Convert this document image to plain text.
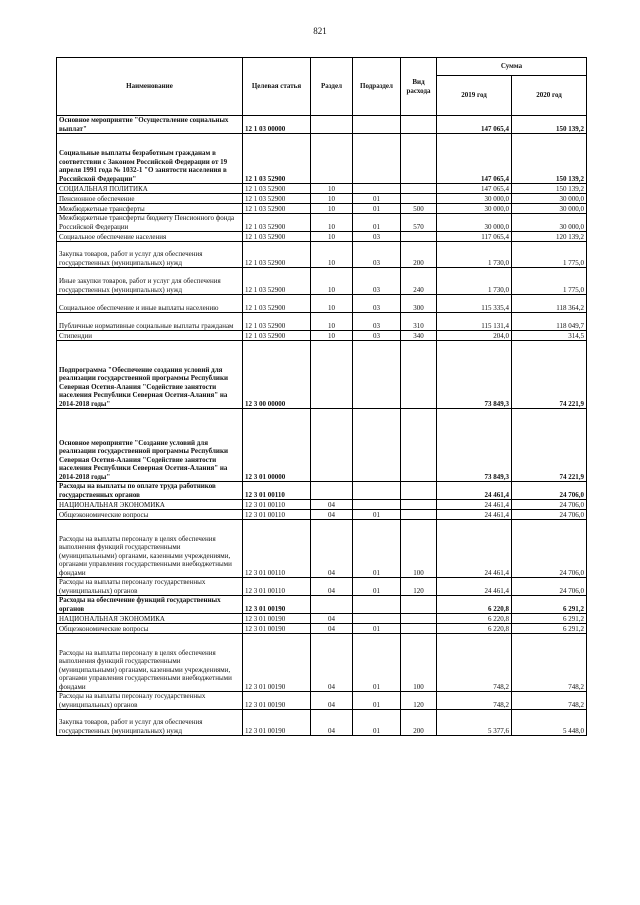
821
Наименование	Целевая статья	Раздел	Подраздел	Вид расхода	Сумма	
					2019 год	2020 год
Основное мероприятие "Осуществление социальных выплат"	12 1 03 00000				147 065,4	150 139,2
Социальные выплаты безработным гражданам в соответствии с Законом Российской Федерации от 19 апреля 1991 года № 1032-1 "О занятости населения в Российской Федерации"	12 1 03 52900				147 065,4	150 139,2
СОЦИАЛЬНАЯ ПОЛИТИКА	12 1 03 52900	10			147 065,4	150 139,2
Пенсионное обеспечение	12 1 03 52900	10	01		30 000,0	30 000,0
Межбюджетные трансферты	12 1 03 52900	10	01	500	30 000,0	30 000,0
Межбюджетные трансферты бюджету Пенсионного фонда Российской Федерации	12 1 03 52900	10	01	570	30 000,0	30 000,0
Социальное обеспечение населения	12 1 03 52900	10	03		117 065,4	120 139,2
Закупка товаров, работ и услуг для обеспечения государственных (муниципальных) нужд	12 1 03 52900	10	03	200	1 730,0	1 775,0
Иные закупки товаров, работ и услуг для обеспечения государственных (муниципальных) нужд	12 1 03 52900	10	03	240	1 730,0	1 775,0
Социальное обеспечение и иные выплаты населению	12 1 03 52900	10	03	300	115 335,4	118 364,2
Публичные нормативные социальные выплаты гражданам	12 1 03 52900	10	03	310	115 131,4	118 049,7
Стипендии	12 1 03 52900	10	03	340	204,0	314,5
Подпрограмма "Обеспечение создания условий для реализации государственной программы Республики Северная Осетия-Алания "Содействие занятости населения Республики Северная Осетия-Алания" на 2014-2018 годы"	12 3 00 00000				73 849,3	74 221,9
Основное мероприятие "Создание условий для реализации государственной программы Республики Северная Осетия-Алания "Содействие занятости населения Республики Северная Осетия-Алания" на 2014-2018 годы"	12 3 01 00000				73 849,3	74 221,9
Расходы на выплаты по оплате труда работников государственных органов	12 3 01 00110				24 461,4	24 706,0
НАЦИОНАЛЬНАЯ ЭКОНОМИКА	12 3 01 00110	04			24 461,4	24 706,0
Общеэкономические вопросы	12 3 01 00110	04	01		24 461,4	24 706,0
Расходы на выплаты персоналу в целях обеспечения выполнения функций государственными (муниципальными) органами, казенными учреждениями, органами управления государственными внебюджетными фондами	12 3 01 00110	04	01	100	24 461,4	24 706,0
Расходы на выплаты персоналу государственных (муниципальных) органов	12 3 01 00110	04	01	120	24 461,4	24 706,0
Расходы на обеспечение функций государственных органов	12 3 01 00190				6 220,8	6 291,2
НАЦИОНАЛЬНАЯ ЭКОНОМИКА	12 3 01 00190	04			6 220,8	6 291,2
Общеэкономические вопросы	12 3 01 00190	04	01		6 220,8	6 291,2
Расходы на выплаты персоналу в целях обеспечения выполнения функций государственными (муниципальными) органами, казенными учреждениями, органами управления государственными внебюджетными фондами	12 3 01 00190	04	01	100	748,2	748,2
Расходы на выплаты персоналу государственных (муниципальных) органов	12 3 01 00190	04	01	120	748,2	748,2
Закупка товаров, работ и услуг для обеспечения государственных (муниципальных) нужд	12 3 01 00190	04	01	200	5 377,6	5 448,0
